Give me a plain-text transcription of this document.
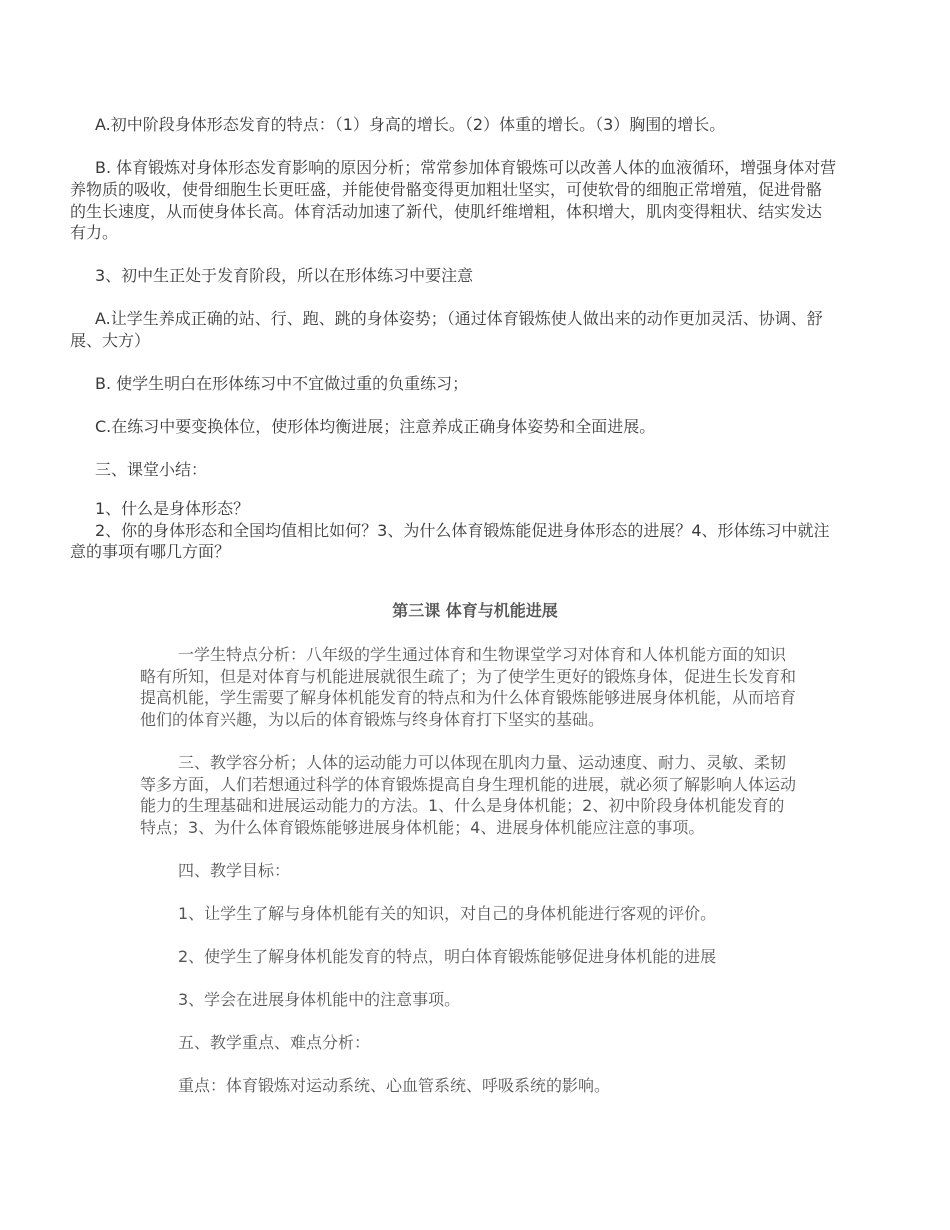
A.初中阶段身体形态发育的特点：（1）身高的增长。（2）体重的增长。（3）胸围的增长。

B. 体育锻炼对身体形态发育影响的原因分析；常常参加体育锻炼可以改善人体的血液循环，增强身体对营

养物质的吸收，使骨细胞生长更旺盛，并能使骨骼变得更加粗壮坚实，可使软骨的细胞正常增殖，促进骨骼

的生长速度，从而使身体长高。体育活动加速了新代，使肌纤维增粗，体积增大，肌肉变得粗状、结实发达

有力。

3、初中生正处于发育阶段，所以在形体练习中要注意

A.让学生养成正确的站、行、跑、跳的身体姿势；（通过体育锻炼使人做出来的动作更加灵活、协调、舒

展、大方）

B. 使学生明白在形体练习中不宜做过重的负重练习；

C.在练习中要变换体位，使形体均衡进展；注意养成正确身体姿势和全面进展。

三、课堂小结：

1、什么是身体形态？

2、你的身体形态和全国均值相比如何？3、为什么体育锻炼能促进身体形态的进展？4、形体练习中就注

意的事项有哪几方面？

第三课 体育与机能进展

一学生特点分析：八年级的学生通过体育和生物课堂学习对体育和人体机能方面的知识

略有所知，但是对体育与机能进展就很生疏了；为了使学生更好的锻炼身体，促进生长发育和

提高机能，学生需要了解身体机能发育的特点和为什么体育锻炼能够进展身体机能，从而培育

他们的体育兴趣，为以后的体育锻炼与终身体育打下坚实的基础。

三、教学容分析；人体的运动能力可以体现在肌肉力量、运动速度、耐力、灵敏、柔韧

等多方面，人们若想通过科学的体育锻炼提高自身生理机能的进展，就必须了解影响人体运动

能力的生理基础和进展运动能力的方法。1、什么是身体机能；2、初中阶段身体机能发育的

特点；3、为什么体育锻炼能够进展身体机能；4、进展身体机能应注意的事项。

四、教学目标：

1、让学生了解与身体机能有关的知识，对自己的身体机能进行客观的评价。

2、使学生了解身体机能发育的特点，明白体育锻炼能够促进身体机能的进展

3、学会在进展身体机能中的注意事项。

五、教学重点、难点分析：

重点：体育锻炼对运动系统、心血管系统、呼吸系统的影响。
